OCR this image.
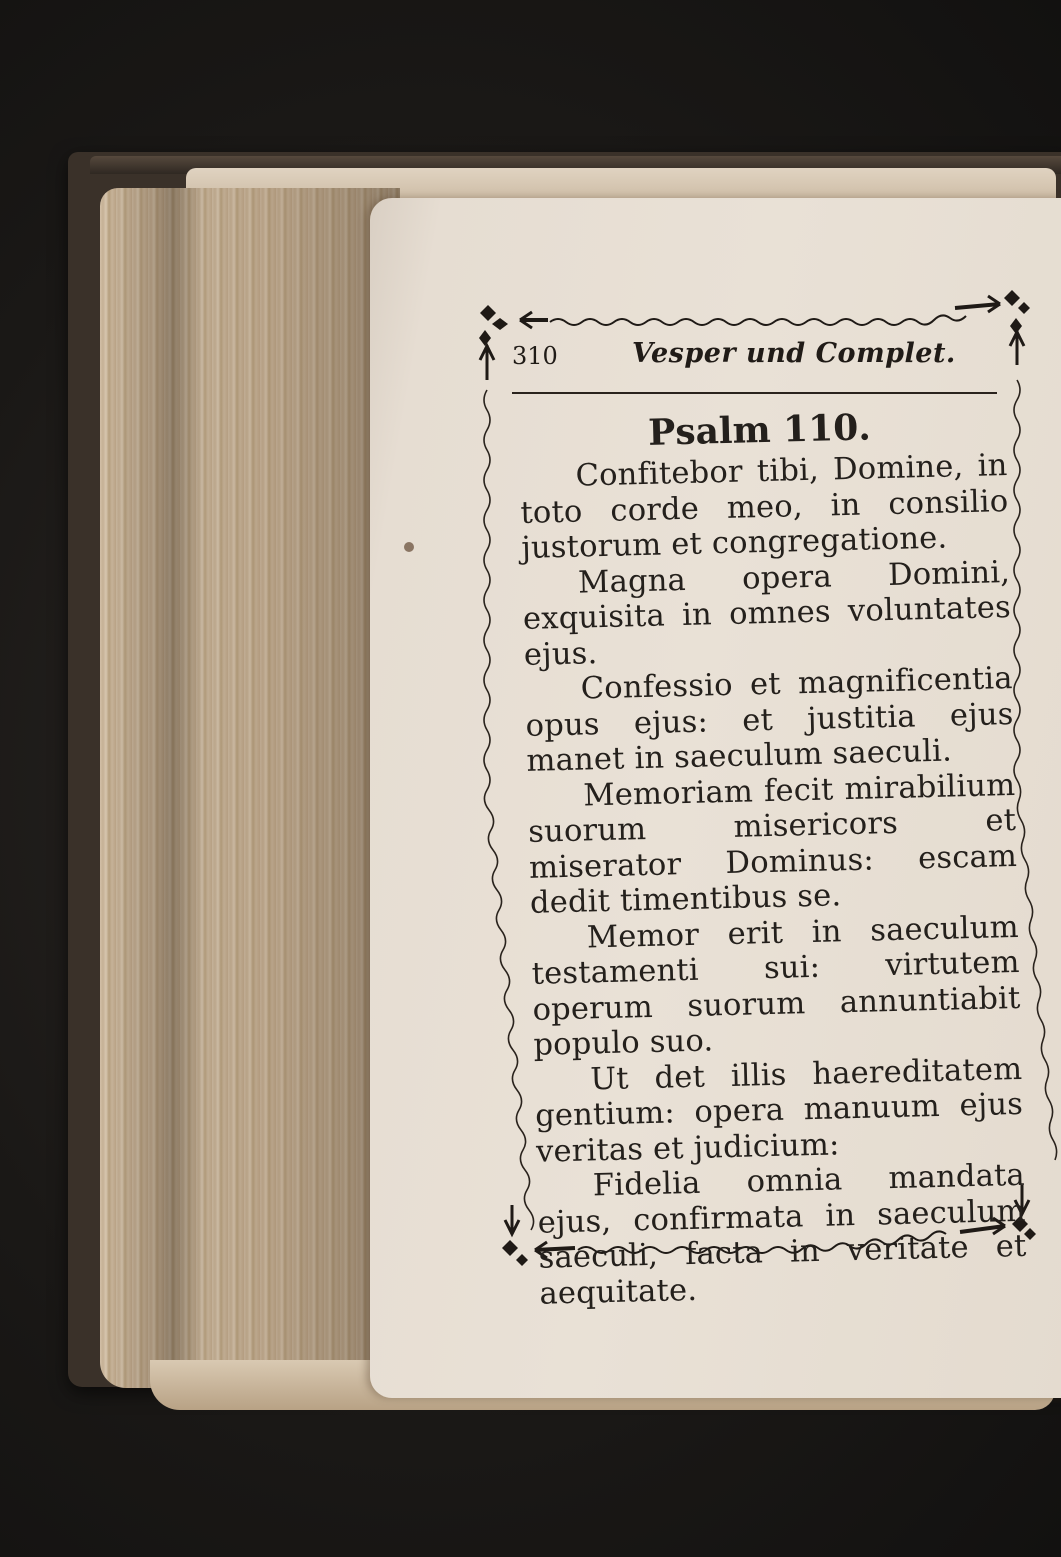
310	Vesper und Complet.
Psalm 110.
Confitebor tibi, Domine, in toto corde meo, in consilio justorum et congregatione.
Magna opera Domini, exquisita in omnes voluntates ejus.
Confessio et magnificentia opus ejus: et justitia ejus manet in saeculum saeculi.
Memoriam fecit mirabilium suorum misericors et miserator Dominus: escam dedit timentibus se.
Memor erit in saeculum testamenti sui: virtutem operum suorum annuntiabit populo suo.
Ut det illis haereditatem gentium: opera manuum ejus veritas et judicium:
Fidelia omnia mandata ejus, confirmata in saeculum saeculi, facta in veritate et aequitate.
